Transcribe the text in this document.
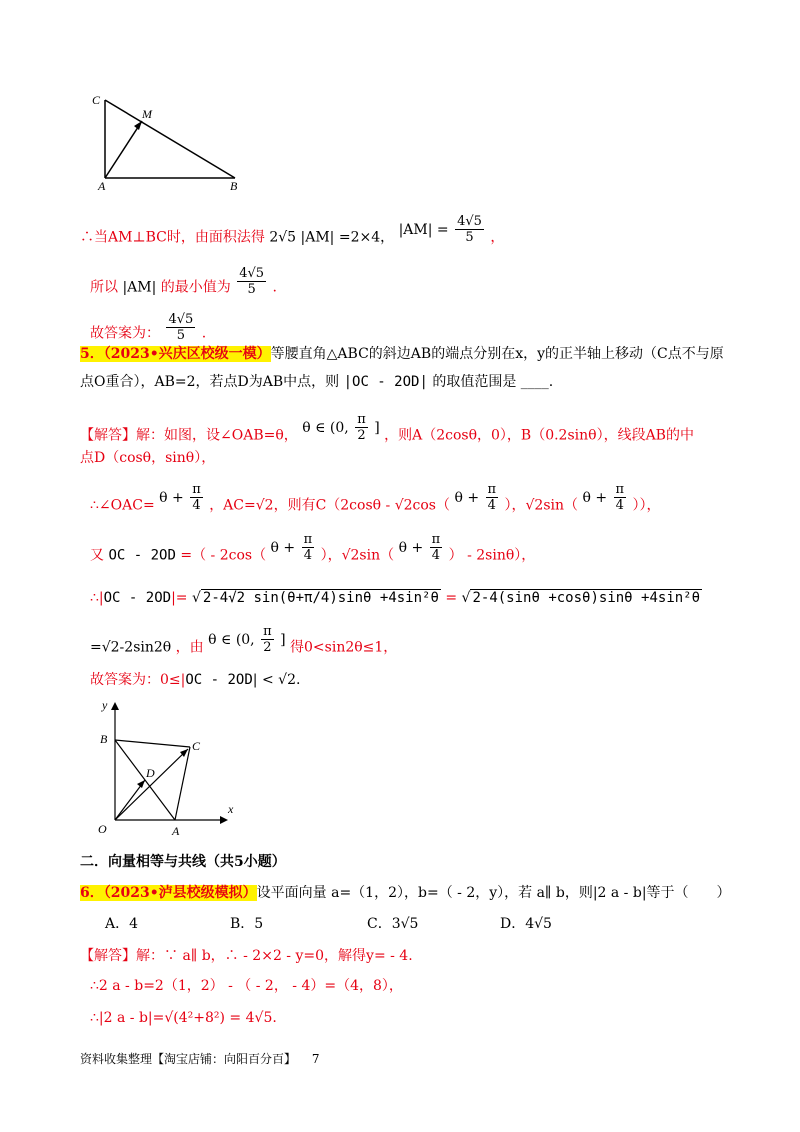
C
M
A	B
∴当AM⊥BC时，由面积法得 2√5 |AM| =2×4， $|AM| = \frac{4√5}{5}$ ，
所以 |AM| 的最小值为 $\frac{4√5}{5}$ .
故答案为： $\frac{4√5}{5}$ .
5．（2023•兴庆区校级一模）等腰直角△ABC的斜边AB的端点分别在x，y的正半轴上移动（C点不与原
点O重合），AB=2，若点D为AB中点，则 |OC - 2OD| 的取值范围是 ____.
【解答】解：如图，设∠OAB=θ， θ ∈ (0, $\frac{\pi}{2}$ ] ，则A（2cosθ，0），B（0.2sinθ），线段AB的中
点D（cosθ，sinθ），
∴∠OAC= $\theta + \frac{\pi}{4}$ ，AC=√2，则有C（2cosθ - √2cos（ $\theta + \frac{\pi}{4}$ ），√2sin（ $\theta + \frac{\pi}{4}$ ）），
又 OC - 2OD =（ - 2cos（ $\theta + \frac{\pi}{4}$ ），√2sin（ $\theta + \frac{\pi}{4}$ ） - 2sinθ），
∴|OC - 2OD|= √ 2-4√2 sin(θ+π/4)sinθ +4sin²θ = √ 2-4(sinθ +cosθ)sinθ +4sin²θ
=√2-2sin2θ ，由 θ ∈ (0, $\frac{\pi}{2}$ ] 得0<sin2θ≤1，
故答案为：0≤|OC - 2OD| < √2.
y
x
O	A
B	C
D
二．向量相等与共线（共5小题）
6．（2023•泸县校级模拟）设平面向量 a=（1，2），b=（ - 2，y），若 a∥ b，则|2 a - b|等于（　　）
A．4	B．5	C．3√5	D．4√5
【解答】解：∵ a∥ b，∴ - 2×2 - y=0，解得y= - 4.
∴2 a - b=2（1，2） - （ - 2， - 4）=（4，8），
∴|2 a - b|=√(4²+8²) = 4√5.
资料收集整理【淘宝店铺：向阳百分百】 7
